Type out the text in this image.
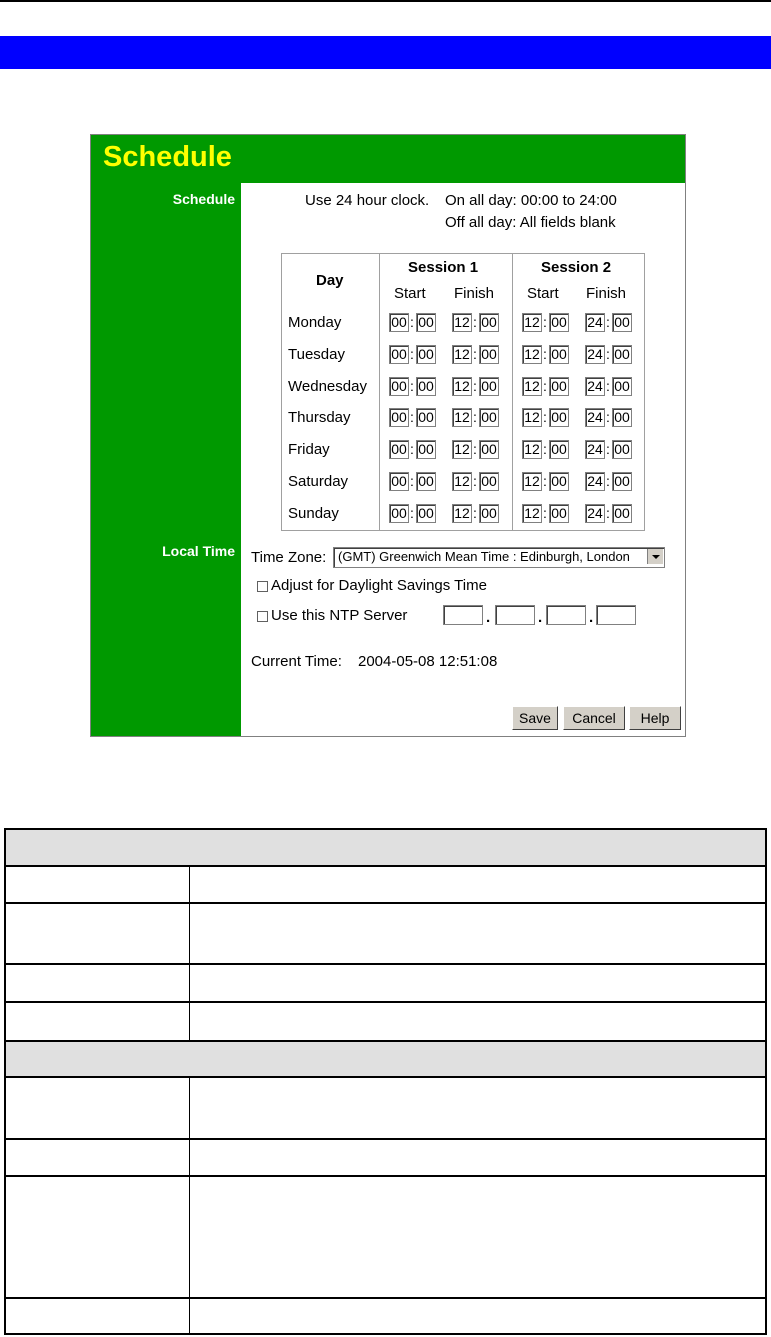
Schedule
Schedule
Local Time
Use 24 hour clock. On all day: 00:00 to 24:00
Off all day: All fields blank
Day
Session 1	Session 2
Start Finish Start Finish
Monday	00 : 00 12 : 00 12 : 00 24 : 00
Tuesday	00 : 00 12 : 00 12 : 00 24 : 00
Wednesday 00 : 00 12 : 00 12 : 00 24 : 00
Thursday	00 : 00 12 : 00 12 : 00 24 : 00
Friday	00 : 00 12 : 00 12 : 00 24 : 00
Saturday	00 : 00 12 : 00 12 : 00 24 : 00
Sunday	00 : 00 12 : 00 12 : 00 24 : 00
Time Zone: (GMT) Greenwich Mean Time : Edinburgh, London
Adjust for Daylight Savings Time
Use this NTP Server	.	.	.
Current Time: 2004-05-08 12:51:08
Save	Cancel	Help
